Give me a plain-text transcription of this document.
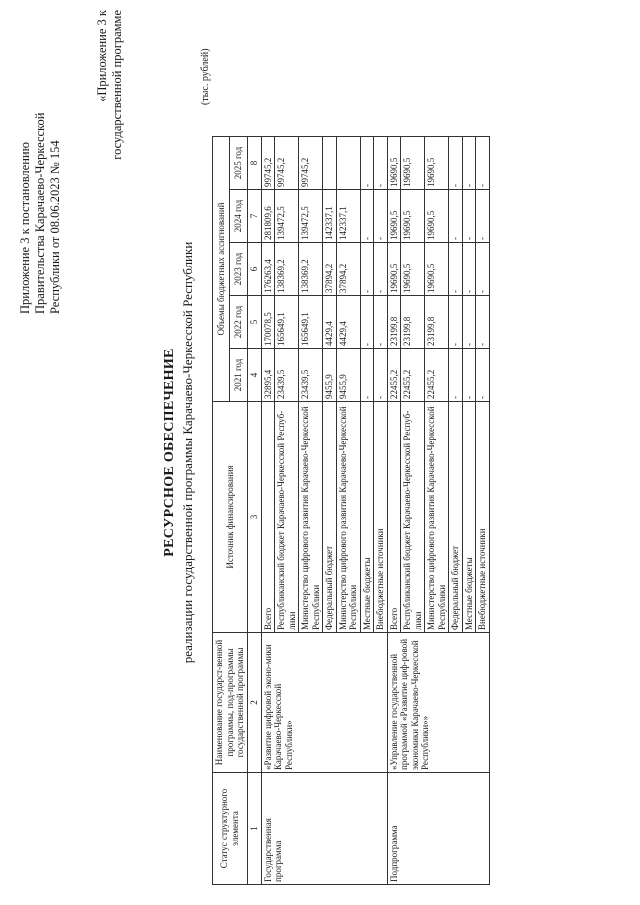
Приложение 3 к постановлению Правительства Карачаево-Черкесской Республики от 08.06.2023 № 154
«Приложение 3 к государственной программе
РЕСУРСНОЕ ОБЕСПЕЧЕНИЕ реализации государственной программы Карачаево-Черкесской Республики
(тыс. рублей)
Статус структурного элемента	Наименование государст-венной программы, под-программы государственной программы	Источник финансирования	Объемы бюджетных ассигнований				
			2021 год	2022 год	2023 год	2024 год	2025 год
1	2	3	4	5	6	7	8
Государственная программа	«Развитие цифровой эконо-мики Карачаево-Черкесской Республики»	Всего	32895,4	170078,5	176263,4	281809,6	99745,2
		Республиканский бюджет Карачаево-Черкесской Респуб-лики	23439,5	165649,1	138369,2	139472,5	99745,2
		Министерство цифрового развития Карачаево-Черкесской Республики	23439,5	165649,1	138369,2	139472,5	99745,2
		Федеральный бюджет	9455,9	4429,4	37894,2	142337,1	
		Министерство цифрового развития Карачаево-Черкесской Республики	9455,9	4429,4	37894,2	142337,1	
		Местные бюджеты	-	-	-	-	-
		Внебюджетные источники	-	-	-	-	-
Подпрограмма	«Управление государственной программой «Развитие циф-ровой экономики Карачаево-Черкесской Республики»»	Всего	22455,2	23199,8	19690,5	19690,5	19690,5
		Республиканский бюджет Карачаево-Черкесской Респуб-лики	22455,2	23199,8	19690,5	19690,5	19690,5
		Министерство цифрового развития Карачаево-Черкесской Республики	22455,2	23199,8	19690,5	19690,5	19690,5
		Федеральный бюджет	-	-	-	-	-
		Местные бюджеты	-	-	-	-	-
		Внебюджетные источники	-	-	-	-	-
